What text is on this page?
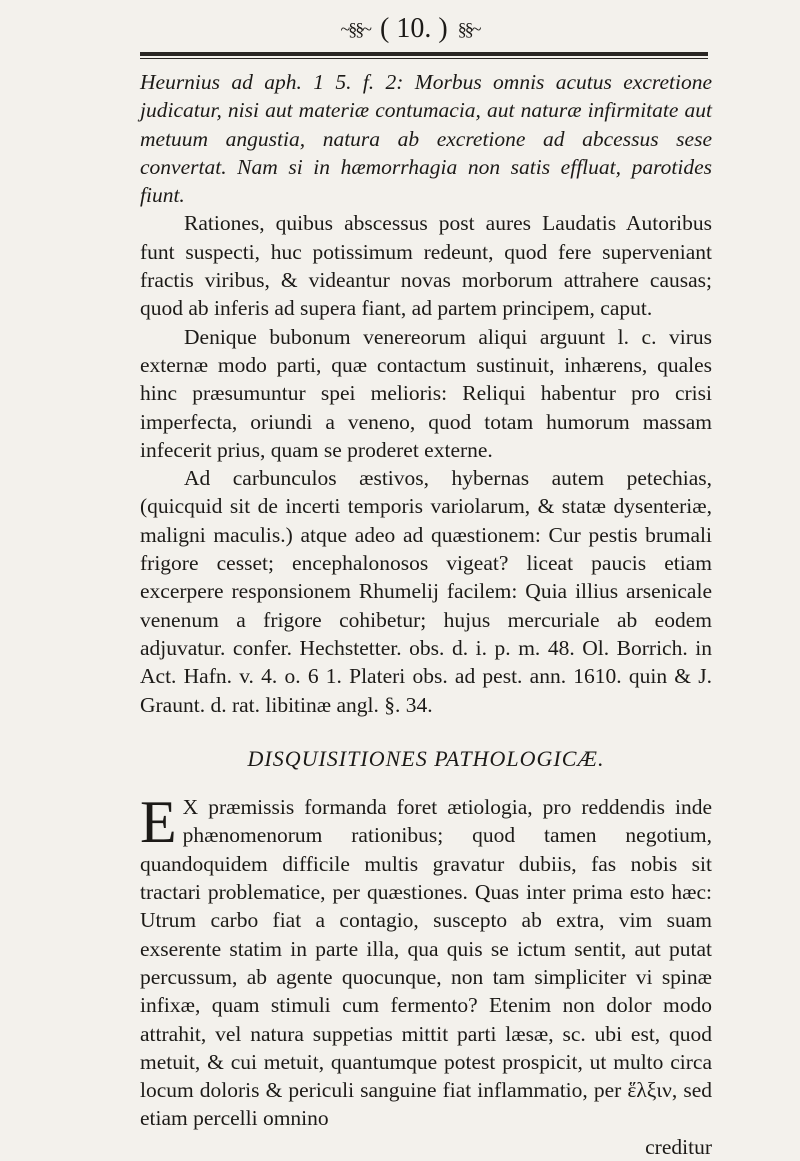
~§§~ ( 10. ) §§~

Heurnius ad aph. 1 5. f. 2: Morbus omnis acutus excretione judicatur, nisi aut materiæ contumacia, aut naturæ infirmitate aut metuum angustia, natura ab excretione ad abcessus sese convertat. Nam si in hæmorrhagia non satis effluat, parotides fiunt.

Rationes, quibus abscessus post aures Laudatis Autoribus funt suspecti, huc potissimum redeunt, quod fere superveniant fractis viribus, & videantur novas morborum attrahere causas; quod ab inferis ad supera fiant, ad partem principem, caput.

Denique bubonum venereorum aliqui arguunt l. c. virus externæ modo parti, quæ contactum sustinuit, inhærens, quales hinc præsumuntur spei melioris: Reliqui habentur pro crisi imperfecta, oriundi a veneno, quod totam humorum massam infecerit prius, quam se proderet externe.

Ad carbunculos æstivos, hybernas autem petechias, (quicquid sit de incerti temporis variolarum, & statæ dysenteriæ, maligni maculis.) atque adeo ad quæstionem: Cur pestis brumali frigore cesset; encephalonosos vigeat? liceat paucis etiam excerpere responsionem Rhumelij facilem: Quia illius arsenicale venenum a frigore cohibetur; hujus mercuriale ab eodem adjuvatur. confer. Hechstetter. obs. d. i. p. m. 48. Ol. Borrich. in Act. Hafn. v. 4. o. 6 1. Plateri obs. ad pest. ann. 1610. quin & J. Graunt. d. rat. libitinæ angl. §. 34.

DISQUISITIONES PATHOLOGICÆ.
E X præmissis formanda foret ætiologia, pro reddendis inde phænomenorum rationibus; quod tamen negotium, quandoquidem difficile multis gravatur dubiis, fas nobis sit tractari problematice, per quæstiones. Quas inter prima esto hæc: Utrum carbo fiat a contagio, suscepto ab extra, vim suam exserente statim in parte illa, qua quis se ictum sentit, aut putat percussum, ab agente quocunque, non tam simpliciter vi spinæ infixæ, quam stimuli cum fermento? Etenim non dolor modo attrahit, vel natura suppetias mittit parti læsæ, sc. ubi est, quod metuit, & cui metuit, quantumque potest prospicit, ut multo circa locum doloris & periculi sanguine fiat inflammatio, per ἕλξιν, sed etiam percelli omnino

creditur
